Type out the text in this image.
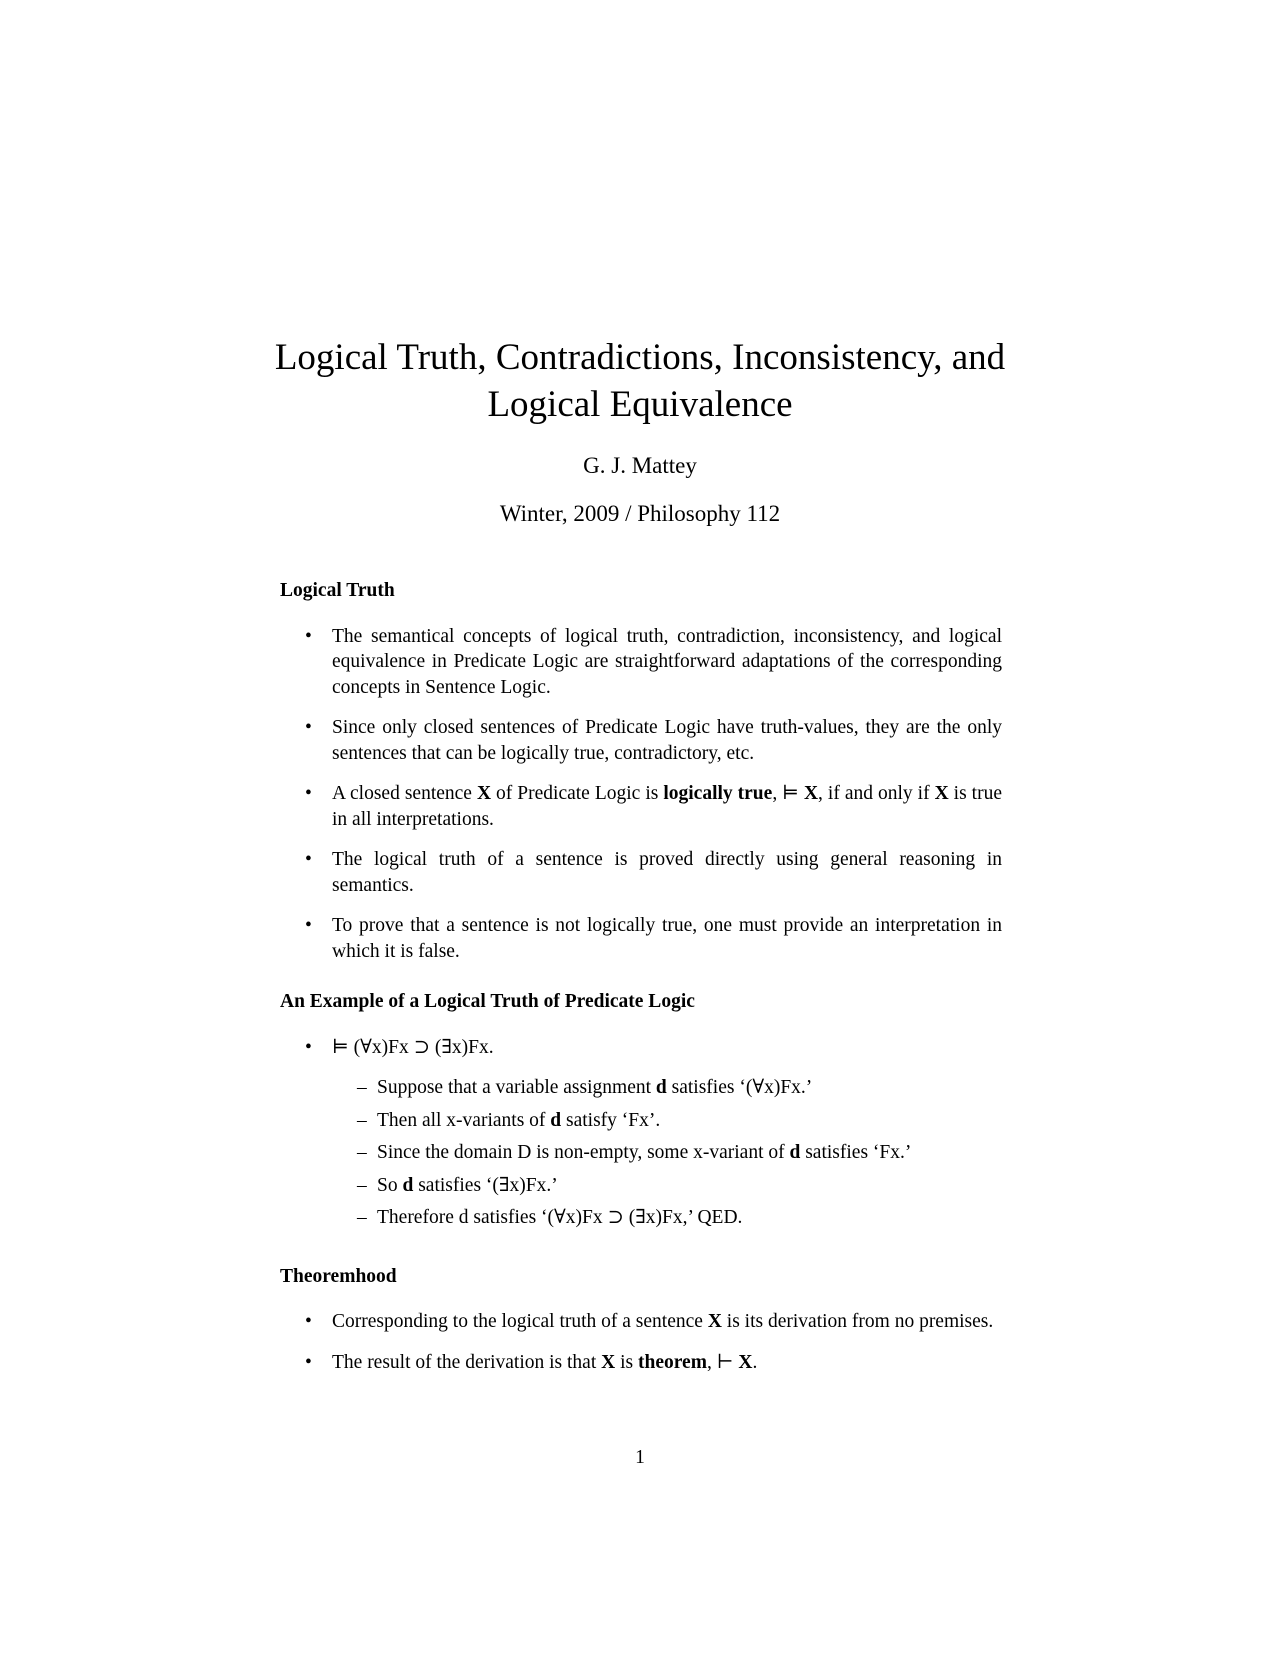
Logical Truth, Contradictions, Inconsistency, and
Logical Equivalence
G. J. Mattey
Winter, 2009 / Philosophy 112
Logical Truth
• The semantical concepts of logical truth, contradiction, inconsistency, and logical equivalence in Predicate Logic are straightforward adaptations of the corresponding concepts in Sentence Logic.
• Since only closed sentences of Predicate Logic have truth-values, they are the only sentences that can be logically true, contradictory, etc.
• A closed sentence X of Predicate Logic is logically true, ⊨ X, if and only if X is true in all interpretations.
• The logical truth of a sentence is proved directly using general reasoning in semantics.
• To prove that a sentence is not logically true, one must provide an interpretation in which it is false.
An Example of a Logical Truth of Predicate Logic
• ⊨ (∀x)Fx ⊃ (∃x)Fx.
– Suppose that a variable assignment d satisfies ‘(∀x)Fx.’
– Then all x-variants of d satisfy ‘Fx’.
– Since the domain D is non-empty, some x-variant of d satisfies ‘Fx.’
– So d satisfies ‘(∃x)Fx.’
– Therefore d satisfies ‘(∀x)Fx ⊃ (∃x)Fx,’ QED.
Theoremhood
• Corresponding to the logical truth of a sentence X is its derivation from no premises.
• The result of the derivation is that X is theorem, ⊢ X.
1
